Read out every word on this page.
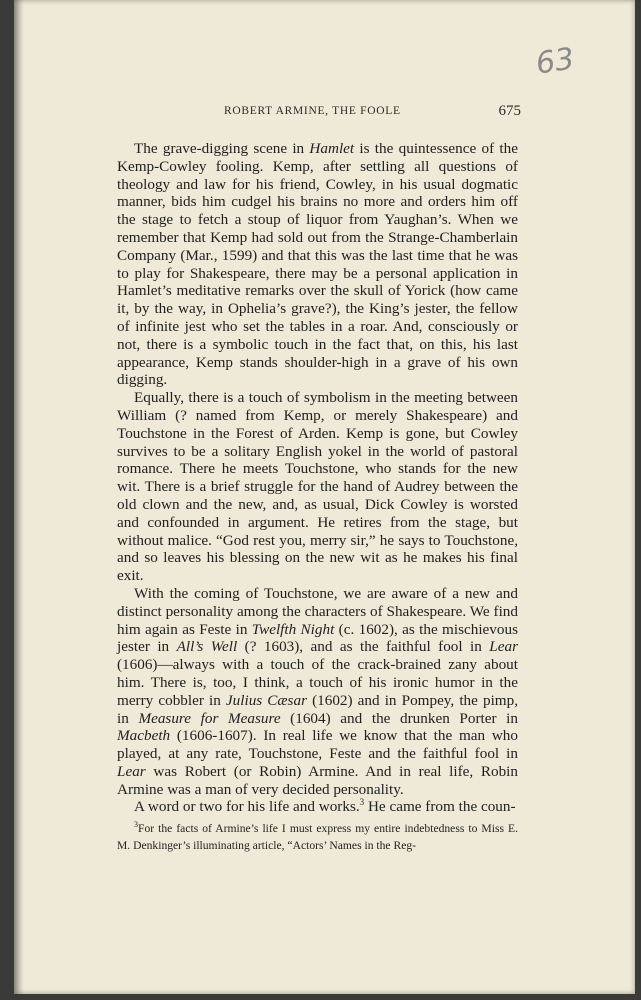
63
ROBERT ARMINE, THE FOOLE	675

The grave-digging scene in Hamlet is the quintessence of the Kemp-Cowley fooling. Kemp, after settling all questions of theology and law for his friend, Cowley, in his usual dogmatic manner, bids him cudgel his brains no more and orders him off the stage to fetch a stoup of liquor from Yaughan’s. When we remember that Kemp had sold out from the Strange-Chamberlain Company (Mar., 1599) and that this was the last time that he was to play for Shakespeare, there may be a personal application in Hamlet’s meditative remarks over the skull of Yorick (how came it, by the way, in Ophelia’s grave?), the King’s jester, the fellow of infinite jest who set the tables in a roar. And, consciously or not, there is a symbolic touch in the fact that, on this, his last appearance, Kemp stands shoulder-high in a grave of his own digging.

Equally, there is a touch of symbolism in the meeting between William (? named from Kemp, or merely Shakespeare) and Touchstone in the Forest of Arden. Kemp is gone, but Cowley survives to be a solitary English yokel in the world of pastoral romance. There he meets Touchstone, who stands for the new wit. There is a brief struggle for the hand of Audrey between the old clown and the new, and, as usual, Dick Cowley is worsted and confounded in argument. He retires from the stage, but without malice. “God rest you, merry sir,” he says to Touchstone, and so leaves his blessing on the new wit as he makes his final exit.

With the coming of Touchstone, we are aware of a new and distinct personality among the characters of Shakespeare. We find him again as Feste in Twelfth Night (c. 1602), as the mischievous jester in All’s Well (? 1603), and as the faithful fool in Lear (1606)—always with a touch of the crack-brained zany about him. There is, too, I think, a touch of his ironic humor in the merry cobbler in Julius Cæsar (1602) and in Pompey, the pimp, in Measure for Measure (1604) and the drunken Porter in Macbeth (1606-1607). In real life we know that the man who played, at any rate, Touchstone, Feste and the faithful fool in Lear was Robert (or Robin) Armine. And in real life, Robin Armine was a man of very decided personality.

A word or two for his life and works.$^3$ He came from the coun-

$^3$For the facts of Armine’s life I must express my entire indebtedness to Miss E. M. Denkinger’s illuminating article, “Actors’ Names in the Reg-
